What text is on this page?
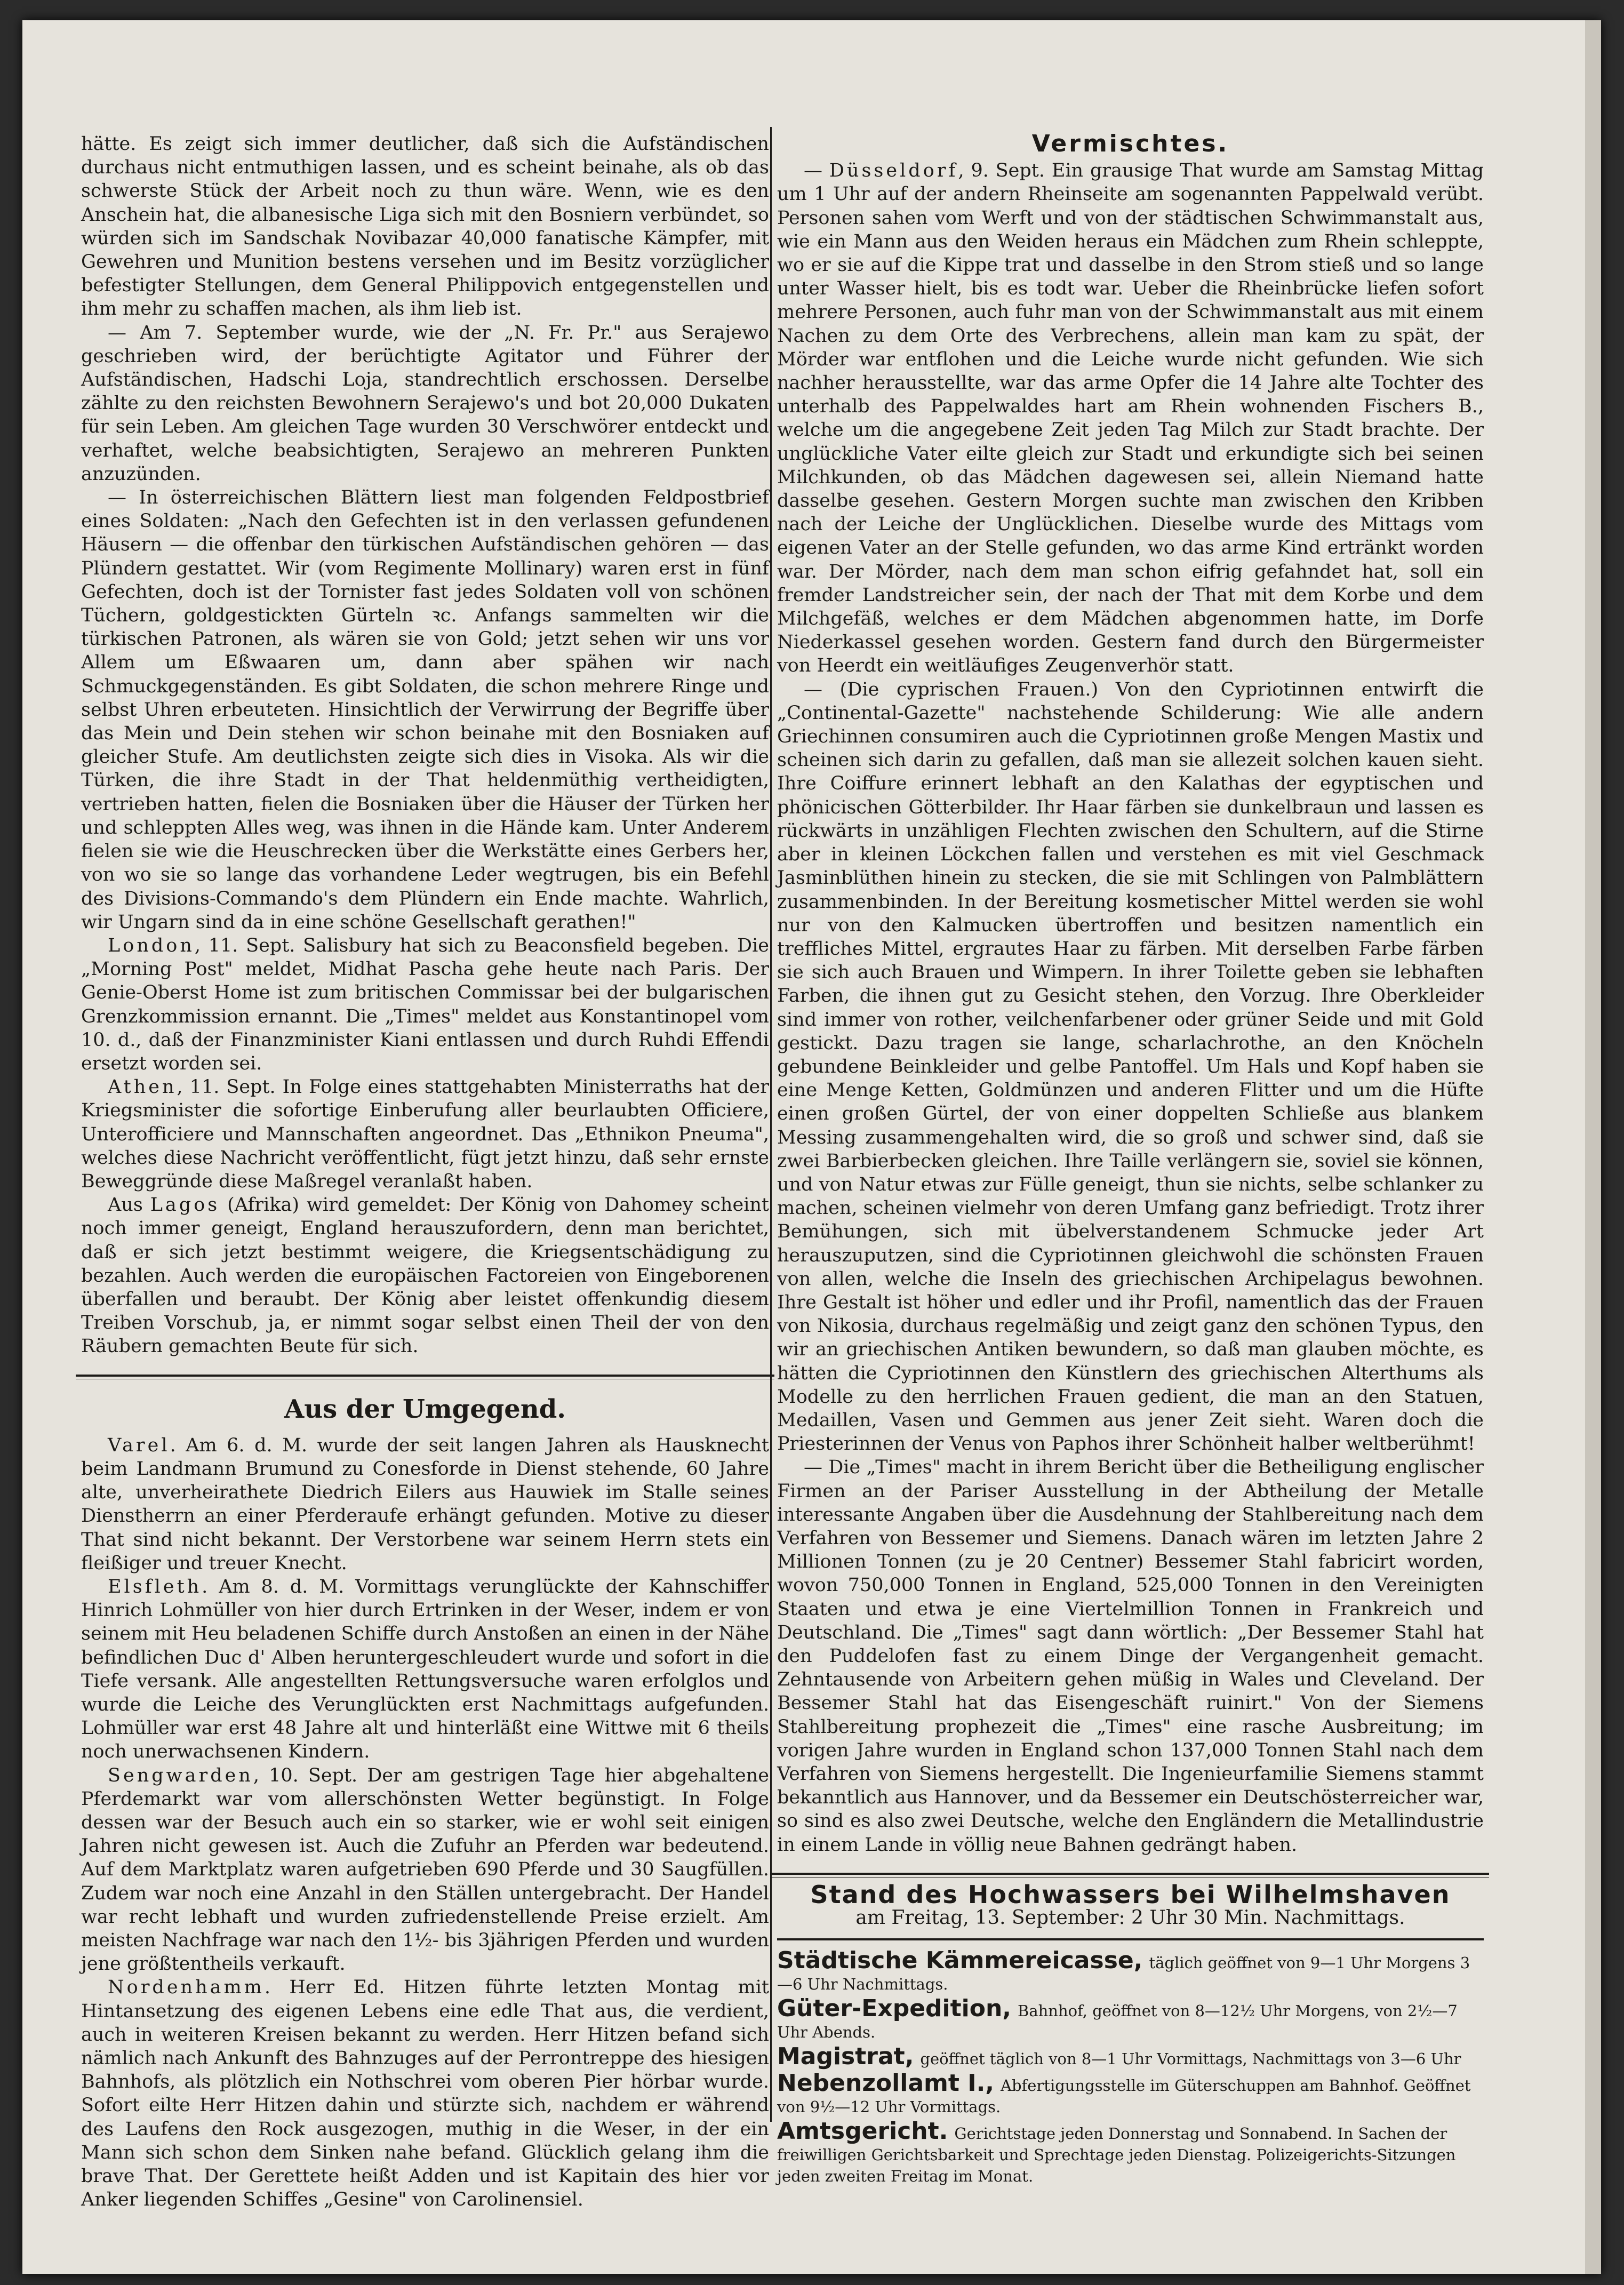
hätte. Es zeigt sich immer deutlicher, daß sich die Aufständischen durchaus nicht entmuthigen lassen, und es scheint beinahe, als ob das schwerste Stück der Arbeit noch zu thun wäre. Wenn, wie es den Anschein hat, die albanesische Liga sich mit den Bosniern verbündet, so würden sich im Sandschak Novibazar 40,000 fanatische Kämpfer, mit Gewehren und Munition bestens versehen und im Besitz vorzüglicher befestigter Stellungen, dem General Philippovich entgegenstellen und ihm mehr zu schaffen machen, als ihm lieb ist.

— Am 7. September wurde, wie der „N. Fr. Pr." aus Serajewo geschrieben wird, der berüchtigte Agitator und Führer der Aufständischen, Hadschi Loja, standrechtlich erschossen. Derselbe zählte zu den reichsten Bewohnern Serajewo's und bot 20,000 Dukaten für sein Leben. Am gleichen Tage wurden 30 Verschwörer entdeckt und verhaftet, welche beabsichtigten, Serajewo an mehreren Punkten anzuzünden.

— In österreichischen Blättern liest man folgenden Feldpostbrief eines Soldaten: „Nach den Gefechten ist in den verlassen gefundenen Häusern — die offenbar den türkischen Aufständischen gehören — das Plündern gestattet. Wir (vom Regimente Mollinary) waren erst in fünf Gefechten, doch ist der Tornister fast jedes Soldaten voll von schönen Tüchern, goldgestickten Gürteln ꝛc. Anfangs sammelten wir die türkischen Patronen, als wären sie von Gold; jetzt sehen wir uns vor Allem um Eßwaaren um, dann aber spähen wir nach Schmuckgegenständen. Es gibt Soldaten, die schon mehrere Ringe und selbst Uhren erbeuteten. Hinsichtlich der Verwirrung der Begriffe über das Mein und Dein stehen wir schon beinahe mit den Bosniaken auf gleicher Stufe. Am deutlichsten zeigte sich dies in Visoka. Als wir die Türken, die ihre Stadt in der That heldenmüthig vertheidigten, vertrieben hatten, fielen die Bosniaken über die Häuser der Türken her und schleppten Alles weg, was ihnen in die Hände kam. Unter Anderem fielen sie wie die Heuschrecken über die Werkstätte eines Gerbers her, von wo sie so lange das vorhandene Leder wegtrugen, bis ein Befehl des Divisions-Commando's dem Plündern ein Ende machte. Wahrlich, wir Ungarn sind da in eine schöne Gesellschaft gerathen!"

London, 11. Sept. Salisbury hat sich zu Beaconsfield begeben. Die „Morning Post" meldet, Midhat Pascha gehe heute nach Paris. Der Genie-Oberst Home ist zum britischen Commissar bei der bulgarischen Grenzkommission ernannt. Die „Times" meldet aus Konstantinopel vom 10. d., daß der Finanzminister Kiani entlassen und durch Ruhdi Effendi ersetzt worden sei.

Athen, 11. Sept. In Folge eines stattgehabten Ministerraths hat der Kriegsminister die sofortige Einberufung aller beurlaubten Officiere, Unterofficiere und Mannschaften angeordnet. Das „Ethnikon Pneuma", welches diese Nachricht veröffentlicht, fügt jetzt hinzu, daß sehr ernste Beweggründe diese Maßregel veranlaßt haben.

Aus Lagos (Afrika) wird gemeldet: Der König von Dahomey scheint noch immer geneigt, England herauszufordern, denn man berichtet, daß er sich jetzt bestimmt weigere, die Kriegsentschädigung zu bezahlen. Auch werden die europäischen Factoreien von Eingeborenen überfallen und beraubt. Der König aber leistet offenkundig diesem Treiben Vorschub, ja, er nimmt sogar selbst einen Theil der von den Räubern gemachten Beute für sich.

Aus der Umgegend.

Varel. Am 6. d. M. wurde der seit langen Jahren als Hausknecht beim Landmann Brumund zu Conesforde in Dienst stehende, 60 Jahre alte, unverheirathete Diedrich Eilers aus Hauwiek im Stalle seines Dienstherrn an einer Pferderaufe erhängt gefunden. Motive zu dieser That sind nicht bekannt. Der Verstorbene war seinem Herrn stets ein fleißiger und treuer Knecht.

Elsfleth. Am 8. d. M. Vormittags verunglückte der Kahnschiffer Hinrich Lohmüller von hier durch Ertrinken in der Weser, indem er von seinem mit Heu beladenen Schiffe durch Anstoßen an einen in der Nähe befindlichen Duc d' Alben heruntergeschleudert wurde und sofort in die Tiefe versank. Alle angestellten Rettungsversuche waren erfolglos und wurde die Leiche des Verunglückten erst Nachmittags aufgefunden. Lohmüller war erst 48 Jahre alt und hinterläßt eine Wittwe mit 6 theils noch unerwachsenen Kindern.

Sengwarden, 10. Sept. Der am gestrigen Tage hier abgehaltene Pferdemarkt war vom allerschönsten Wetter begünstigt. In Folge dessen war der Besuch auch ein so starker, wie er wohl seit einigen Jahren nicht gewesen ist. Auch die Zufuhr an Pferden war bedeutend. Auf dem Marktplatz waren aufgetrieben 690 Pferde und 30 Saugfüllen. Zudem war noch eine Anzahl in den Ställen untergebracht. Der Handel war recht lebhaft und wurden zufriedenstellende Preise erzielt. Am meisten Nachfrage war nach den 1½- bis 3jährigen Pferden und wurden jene größtentheils verkauft.

Nordenhamm. Herr Ed. Hitzen führte letzten Montag mit Hintansetzung des eigenen Lebens eine edle That aus, die verdient, auch in weiteren Kreisen bekannt zu werden. Herr Hitzen befand sich nämlich nach Ankunft des Bahnzuges auf der Perrontreppe des hiesigen Bahnhofs, als plötzlich ein Nothschrei vom oberen Pier hörbar wurde. Sofort eilte Herr Hitzen dahin und stürzte sich, nachdem er während des Laufens den Rock ausgezogen, muthig in die Weser, in der ein Mann sich schon dem Sinken nahe befand. Glücklich gelang ihm die brave That. Der Gerettete heißt Adden und ist Kapitain des hier vor Anker liegenden Schiffes „Gesine" von Carolinensiel.

Vermischtes.

— Düsseldorf, 9. Sept. Ein grausige That wurde am Samstag Mittag um 1 Uhr auf der andern Rheinseite am sogenannten Pappelwald verübt. Personen sahen vom Werft und von der städtischen Schwimmanstalt aus, wie ein Mann aus den Weiden heraus ein Mädchen zum Rhein schleppte, wo er sie auf die Kippe trat und dasselbe in den Strom stieß und so lange unter Wasser hielt, bis es todt war. Ueber die Rheinbrücke liefen sofort mehrere Personen, auch fuhr man von der Schwimmanstalt aus mit einem Nachen zu dem Orte des Verbrechens, allein man kam zu spät, der Mörder war entflohen und die Leiche wurde nicht gefunden. Wie sich nachher herausstellte, war das arme Opfer die 14 Jahre alte Tochter des unterhalb des Pappelwaldes hart am Rhein wohnenden Fischers B., welche um die angegebene Zeit jeden Tag Milch zur Stadt brachte. Der unglückliche Vater eilte gleich zur Stadt und erkundigte sich bei seinen Milchkunden, ob das Mädchen dagewesen sei, allein Niemand hatte dasselbe gesehen. Gestern Morgen suchte man zwischen den Kribben nach der Leiche der Unglücklichen. Dieselbe wurde des Mittags vom eigenen Vater an der Stelle gefunden, wo das arme Kind ertränkt worden war. Der Mörder, nach dem man schon eifrig gefahndet hat, soll ein fremder Landstreicher sein, der nach der That mit dem Korbe und dem Milchgefäß, welches er dem Mädchen abgenommen hatte, im Dorfe Niederkassel gesehen worden. Gestern fand durch den Bürgermeister von Heerdt ein weitläufiges Zeugenverhör statt.

— (Die cyprischen Frauen.) Von den Cypriotinnen entwirft die „Continental-Gazette" nachstehende Schilderung: Wie alle andern Griechinnen consumiren auch die Cypriotinnen große Mengen Mastix und scheinen sich darin zu gefallen, daß man sie allezeit solchen kauen sieht. Ihre Coiffure erinnert lebhaft an den Kalathas der egyptischen und phönicischen Götterbilder. Ihr Haar färben sie dunkelbraun und lassen es rückwärts in unzähligen Flechten zwischen den Schultern, auf die Stirne aber in kleinen Löckchen fallen und verstehen es mit viel Geschmack Jasminblüthen hinein zu stecken, die sie mit Schlingen von Palmblättern zusammenbinden. In der Bereitung kosmetischer Mittel werden sie wohl nur von den Kalmucken übertroffen und besitzen namentlich ein treffliches Mittel, ergrautes Haar zu färben. Mit derselben Farbe färben sie sich auch Brauen und Wimpern. In ihrer Toilette geben sie lebhaften Farben, die ihnen gut zu Gesicht stehen, den Vorzug. Ihre Oberkleider sind immer von rother, veilchenfarbener oder grüner Seide und mit Gold gestickt. Dazu tragen sie lange, scharlachrothe, an den Knöcheln gebundene Beinkleider und gelbe Pantoffel. Um Hals und Kopf haben sie eine Menge Ketten, Goldmünzen und anderen Flitter und um die Hüfte einen großen Gürtel, der von einer doppelten Schließe aus blankem Messing zusammengehalten wird, die so groß und schwer sind, daß sie zwei Barbierbecken gleichen. Ihre Taille verlängern sie, soviel sie können, und von Natur etwas zur Fülle geneigt, thun sie nichts, selbe schlanker zu machen, scheinen vielmehr von deren Umfang ganz befriedigt. Trotz ihrer Bemühungen, sich mit übelverstandenem Schmucke jeder Art herauszuputzen, sind die Cypriotinnen gleichwohl die schönsten Frauen von allen, welche die Inseln des griechischen Archipelagus bewohnen. Ihre Gestalt ist höher und edler und ihr Profil, namentlich das der Frauen von Nikosia, durchaus regelmäßig und zeigt ganz den schönen Typus, den wir an griechischen Antiken bewundern, so daß man glauben möchte, es hätten die Cypriotinnen den Künstlern des griechischen Alterthums als Modelle zu den herrlichen Frauen gedient, die man an den Statuen, Medaillen, Vasen und Gemmen aus jener Zeit sieht. Waren doch die Priesterinnen der Venus von Paphos ihrer Schönheit halber weltberühmt!

— Die „Times" macht in ihrem Bericht über die Betheiligung englischer Firmen an der Pariser Ausstellung in der Abtheilung der Metalle interessante Angaben über die Ausdehnung der Stahlbereitung nach dem Verfahren von Bessemer und Siemens. Danach wären im letzten Jahre 2 Millionen Tonnen (zu je 20 Centner) Bessemer Stahl fabricirt worden, wovon 750,000 Tonnen in England, 525,000 Tonnen in den Vereinigten Staaten und etwa je eine Viertelmillion Tonnen in Frankreich und Deutschland. Die „Times" sagt dann wörtlich: „Der Bessemer Stahl hat den Puddelofen fast zu einem Dinge der Vergangenheit gemacht. Zehntausende von Arbeitern gehen müßig in Wales und Cleveland. Der Bessemer Stahl hat das Eisengeschäft ruinirt." Von der Siemens Stahlbereitung prophezeit die „Times" eine rasche Ausbreitung; im vorigen Jahre wurden in England schon 137,000 Tonnen Stahl nach dem Verfahren von Siemens hergestellt. Die Ingenieurfamilie Siemens stammt bekanntlich aus Hannover, und da Bessemer ein Deutschösterreicher war, so sind es also zwei Deutsche, welche den Engländern die Metallindustrie in einem Lande in völlig neue Bahnen gedrängt haben.

Stand des Hochwassers bei Wilhelmshaven
am Freitag, 13. September: 2 Uhr 30 Min. Nachmittags.
Städtische Kämmereicasse, täglich geöffnet von 9—1 Uhr Morgens 3—6 Uhr Nachmittags.
Güter-Expedition, Bahnhof, geöffnet von 8—12½ Uhr Morgens, von 2½—7 Uhr Abends.
Magistrat, geöffnet täglich von 8—1 Uhr Vormittags, Nachmittags von 3—6 Uhr
Nebenzollamt I., Abfertigungsstelle im Güterschuppen am Bahnhof. Geöffnet von 9½—12 Uhr Vormittags.
Amtsgericht. Gerichtstage jeden Donnerstag und Sonnabend. In Sachen der freiwilligen Gerichtsbarkeit und Sprechtage jeden Dienstag. Polizeigerichts-Sitzungen jeden zweiten Freitag im Monat.
